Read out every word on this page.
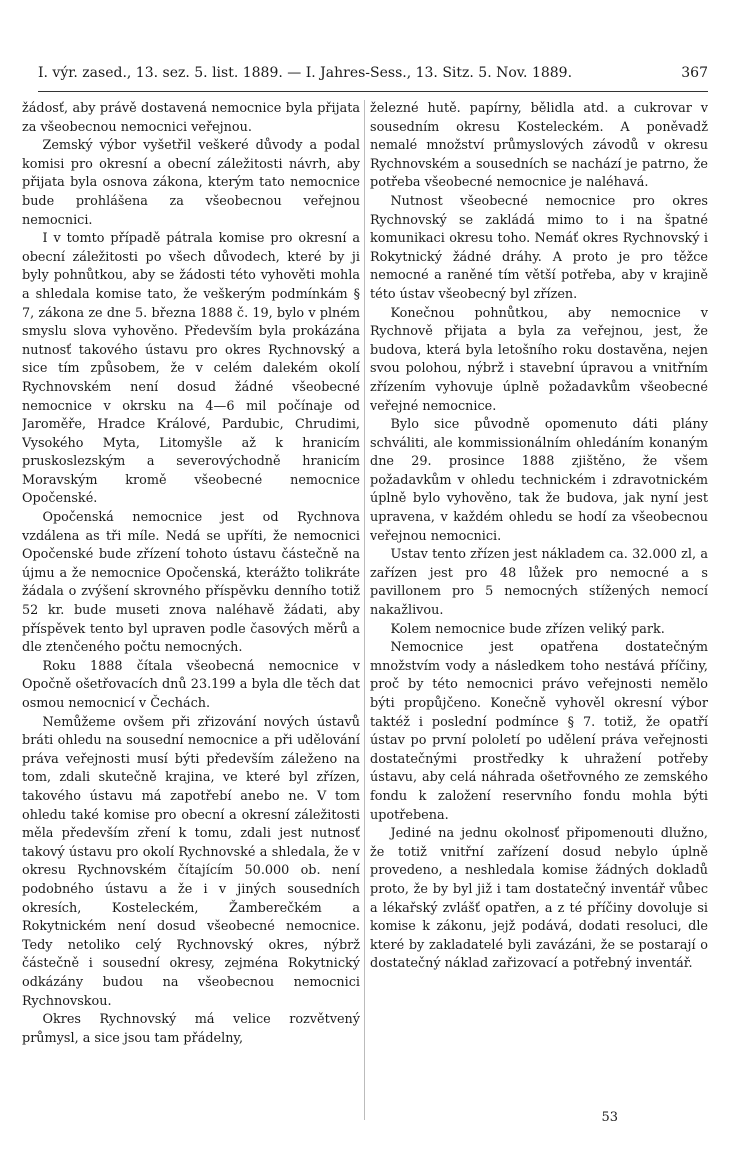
I. výr. zased., 13. sez. 5. list. 1889. — I. Jahres-Sess., 13. Sitz. 5. Nov. 1889.	367

žádosť, aby právě dostavená nemocnice byla přijata za všeobecnou nemocnici veřejnou.

Zemský výbor vyšetřil veškeré důvody a podal komisi pro okresní a obecní záležitosti návrh, aby přijata byla osnova zákona, kterým tato nemocnice bude prohlášena za všeobecnou veřejnou nemocnici.

I v tomto případě pátrala komise pro okresní a obecní záležitosti po všech důvodech, které by ji byly pohnůtkou, aby se žádosti této vyhověti mohla a shledala komise tato, že veškerým podmínkám § 7, zákona ze dne 5. března 1888 č. 19, bylo v plném smyslu slova vyhověno. Především byla prokázána nutnosť takového ústavu pro okres Rychnovský a sice tím způsobem, že v celém dalekém okolí Rychnovském není dosud žádné všeobecné nemocnice v okrsku na 4—6 mil počínaje od Jaroměře, Hradce Králové, Pardubic, Chrudimi, Vysokého Myta, Litomyšle až k hranicím pruskoslezským a severovýchodně hranicím Moravským kromě všeobecné nemocnice Opočenské.

Opočenská nemocnice jest od Rychnova vzdálena as tři míle. Nedá se upříti, že nemocnici Opočenské bude zřízení tohoto ústavu částečně na újmu a že nemocnice Opočenská, kterážto tolikráte žádala o zvýšení skrovného příspěvku denního totiž 52 kr. bude museti znova naléhavě žádati, aby příspěvek tento byl upraven podle časových měrů a dle ztenčeného počtu nemocných.

Roku 1888 čítala všeobecná nemocnice v Opočně ošetřovacích dnů 23.199 a byla dle těch dat osmou nemocnicí v Čechách.

Nemůžeme ovšem při zřizování nových ústavů bráti ohledu na sousední nemocnice a při udělování práva veřejnosti musí býti především záleženo na tom, zdali skutečně krajina, ve které byl zřízen, takového ústavu má zapotřebí anebo ne. V tom ohledu také komise pro obecní a okresní záležitosti měla především zření k tomu, zdali jest nutnosť takový ústavu pro okolí Rychnovské a shledala, že v okresu Rychnovském čítajícím 50.000 ob. není podobného ústavu a že i v jiných sousedních okresích, Kosteleckém, Žamberečkém a Rokytnickém není dosud všeobecné nemocnice. Tedy netoliko celý Rychnovský okres, nýbrž částečně i sousední okresy, zejména Rokytnický odkázány budou na všeobecnou nemocnici Rychnovskou.

Okres Rychnovský má velice rozvětvený průmysl, a sice jsou tam přádelny,

železné hutě. papírny, bělidla atd. a cukrovar v sousedním okresu Kosteleckém. A poněvadž nemalé množství průmyslových závodů v okresu Rychnovském a sousedních se nachází je patrno, že potřeba všeobecné nemocnice je naléhavá.

Nutnost všeobecné nemocnice pro okres Rychnovský se zakládá mimo to i na špatné komunikaci okresu toho. Nemáť okres Rychnovský i Rokytnický žádné dráhy. A proto je pro těžce nemocné a raněné tím větší potřeba, aby v krajině této ústav všeobecný byl zřízen.

Konečnou pohnůtkou, aby nemocnice v Rychnově přijata a byla za veřejnou, jest, že budova, která byla letošního roku dostavěna, nejen svou polohou, nýbrž i stavební úpravou a vnitřním zřízením vyhovuje úplně požadavkům všeobecné veřejné nemocnice.

Bylo sice původně opomenuto dáti plány schváliti, ale kommissionálním ohledáním konaným dne 29. prosince 1888 zjištěno, že všem požadavkům v ohledu technickém i zdravotnickém úplně bylo vyhověno, tak že budova, jak nyní jest upravena, v každém ohledu se hodí za všeobecnou veřejnou nemocnici.

Ustav tento zřízen jest nákladem ca. 32.000 zl, a zařízen jest pro 48 lůžek pro nemocné a s pavillonem pro 5 nemocných stížených nemocí nakažlivou.

Kolem nemocnice bude zřízen veliký park.

Nemocnice jest opatřena dostatečným množstvím vody a následkem toho nestává příčiny, proč by této nemocnici právo veřejnosti nemělo býti propůjčeno. Konečně vyhověl okresní výbor taktéž i poslední podmínce § 7. totiž, že opatří ústav po první pololetí po udělení práva veřejnosti dostatečnými prostředky k uhražení potřeby ústavu, aby celá náhrada ošetřovného ze zemského fondu k založení reservního fondu mohla býti upotřebena.

Jediné na jednu okolnosť připomenouti dlužno, že totiž vnitřní zařízení dosud nebylo úplně provedeno, a neshledala komise žádných dokladů proto, že by byl již i tam dostatečný inventář vůbec a lékařský zvlášť opatřen, a z té příčiny dovoluje si komise k zákonu, jejž podává, dodati resoluci, dle které by zakladatelé byli zavázáni, že se postarají o dostatečný náklad zařizovací a potřebný inventář.

53
